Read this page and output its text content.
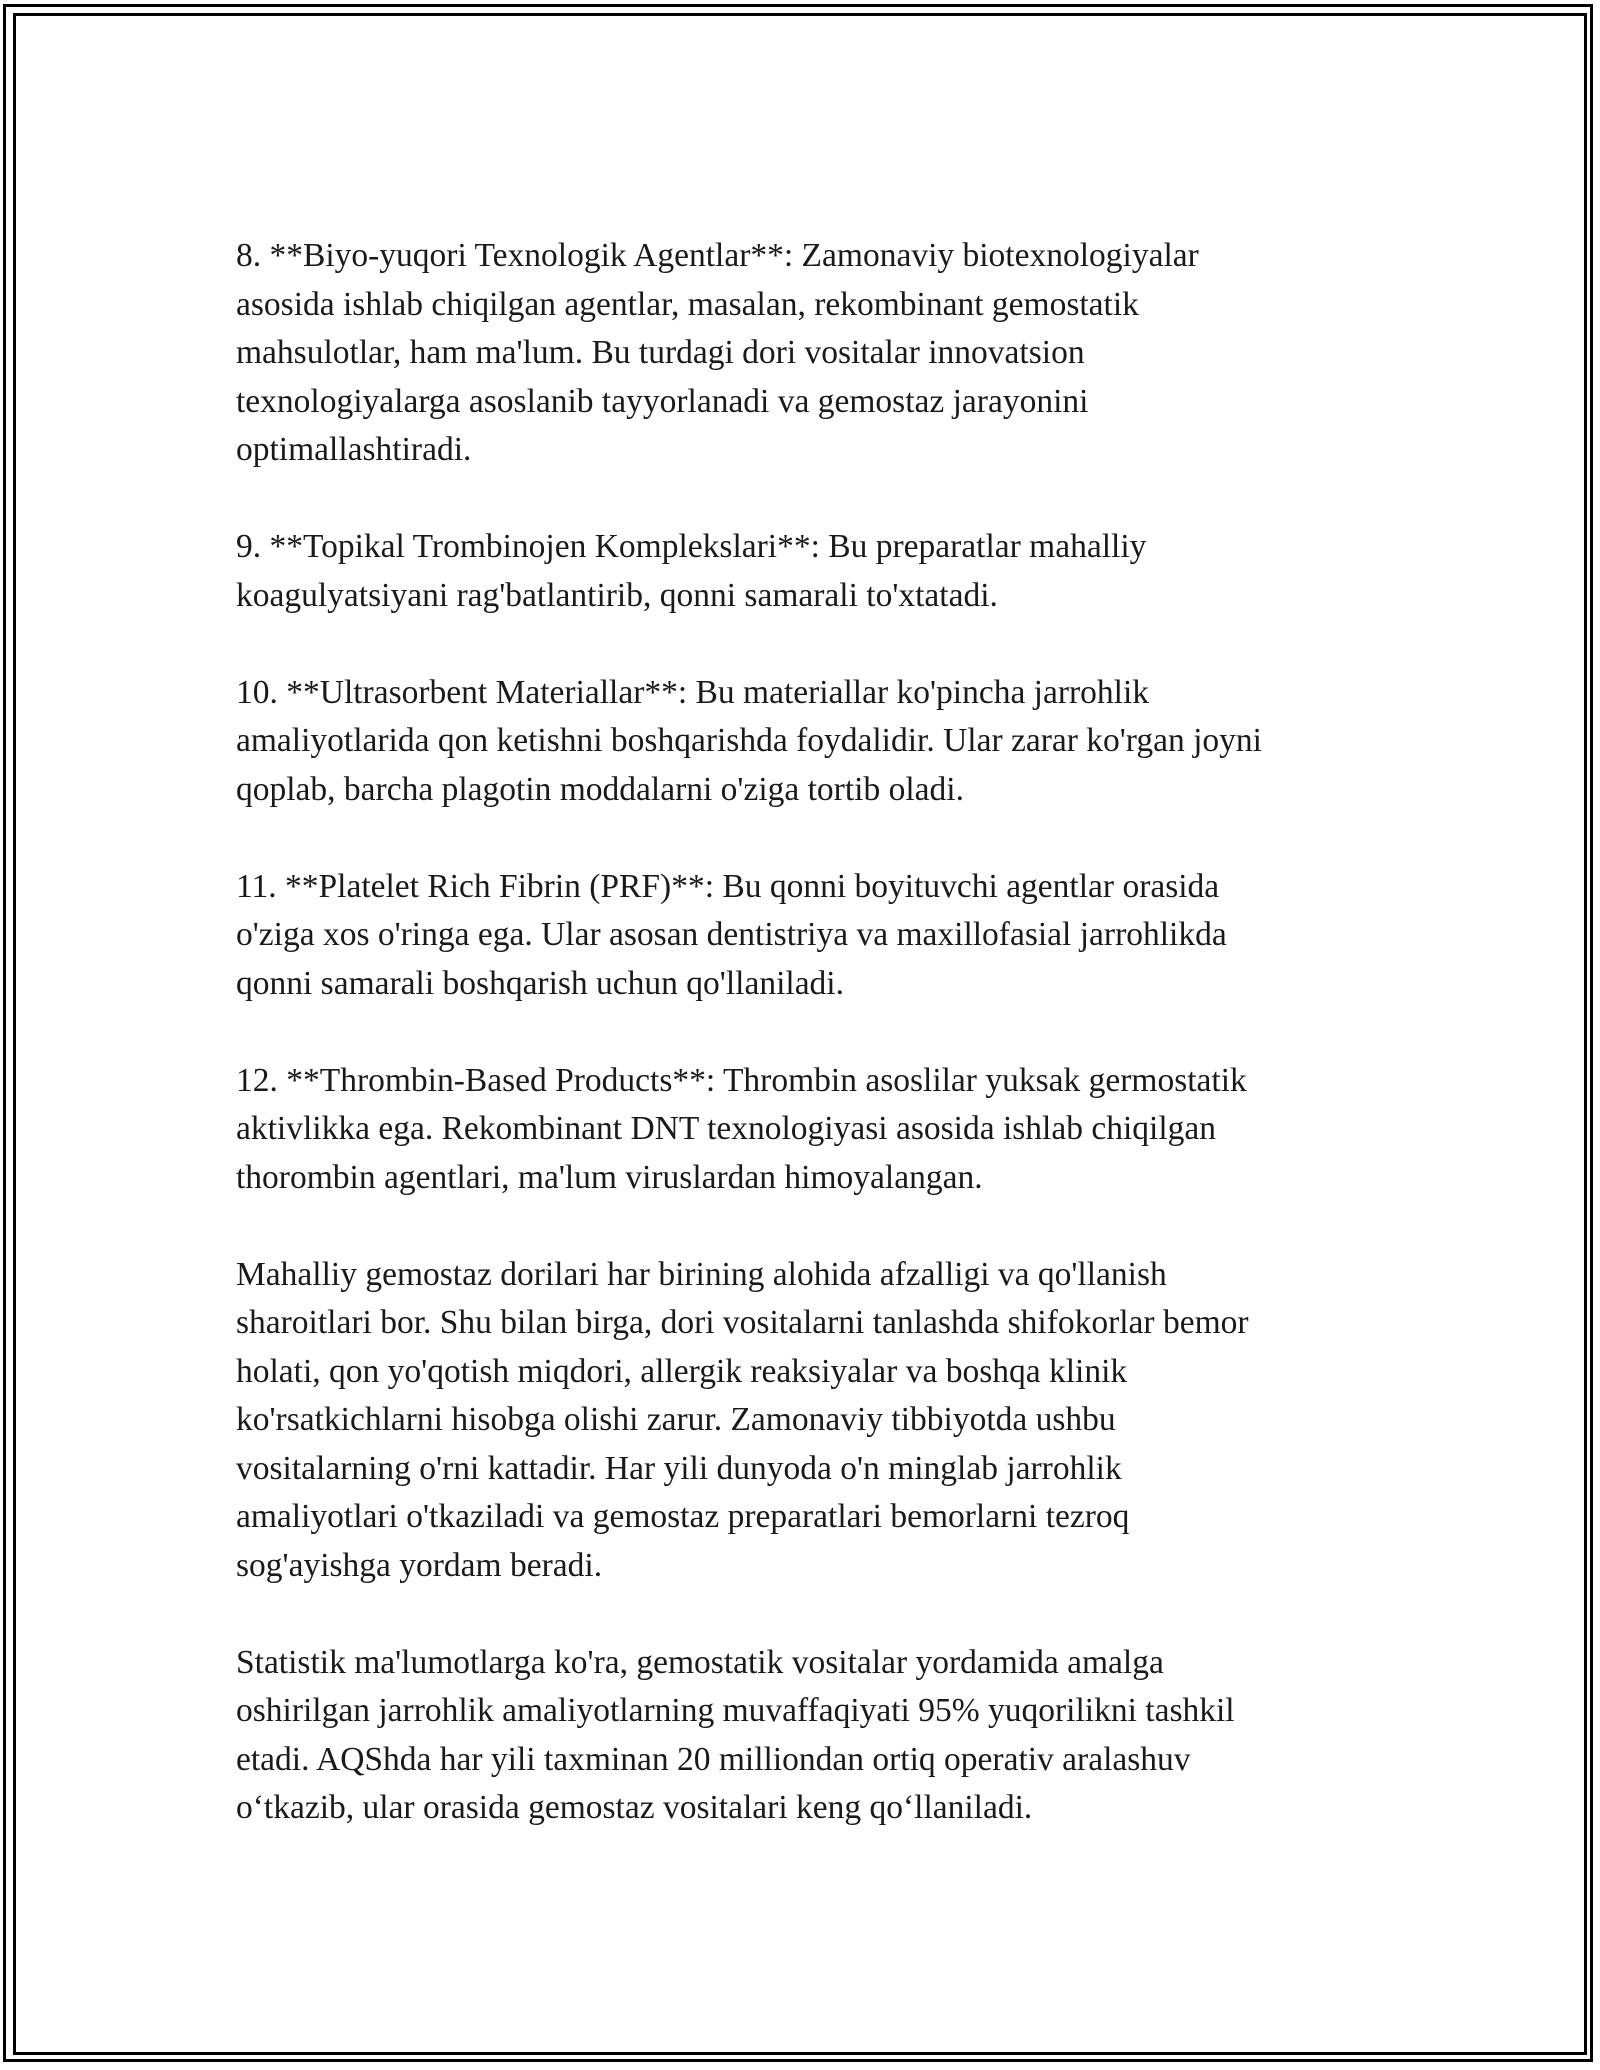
8. **Biyo-yuqori Texnologik Agentlar**: Zamonaviy biotexnologiyalar
asosida ishlab chiqilgan agentlar, masalan, rekombinant gemostatik
mahsulotlar, ham ma'lum. Bu turdagi dori vositalar innovatsion
texnologiyalarga asoslanib tayyorlanadi va gemostaz jarayonini
optimallashtiradi.

9. **Topikal Trombinojen Komplekslari**: Bu preparatlar mahalliy
koagulyatsiyani rag'batlantirib, qonni samarali to'xtatadi.

10. **Ultrasorbent Materiallar**: Bu materiallar ko'pincha jarrohlik
amaliyotlarida qon ketishni boshqarishda foydalidir. Ular zarar ko'rgan joyni
qoplab, barcha plagotin moddalarni o'ziga tortib oladi.

11. **Platelet Rich Fibrin (PRF)**: Bu qonni boyituvchi agentlar orasida
o'ziga xos o'ringa ega. Ular asosan dentistriya va maxillofasial jarrohlikda
qonni samarali boshqarish uchun qo'llaniladi.

12. **Thrombin-Based Products**: Thrombin asoslilar yuksak germostatik
aktivlikka ega. Rekombinant DNT texnologiyasi asosida ishlab chiqilgan
thorombin agentlari, ma'lum viruslardan himoyalangan.

Mahalliy gemostaz dorilari har birining alohida afzalligi va qo'llanish
sharoitlari bor. Shu bilan birga, dori vositalarni tanlashda shifokorlar bemor
holati, qon yo'qotish miqdori, allergik reaksiyalar va boshqa klinik
ko'rsatkichlarni hisobga olishi zarur. Zamonaviy tibbiyotda ushbu
vositalarning o'rni kattadir. Har yili dunyoda o'n minglab jarrohlik
amaliyotlari o'tkaziladi va gemostaz preparatlari bemorlarni tezroq
sog'ayishga yordam beradi.

Statistik ma'lumotlarga ko'ra, gemostatik vositalar yordamida amalga
oshirilgan jarrohlik amaliyotlarning muvaffaqiyati 95% yuqorilikni tashkil
etadi. AQShda har yili taxminan 20 milliondan ortiq operativ aralashuv
o‘tkazib, ular orasida gemostaz vositalari keng qo‘llaniladi.
